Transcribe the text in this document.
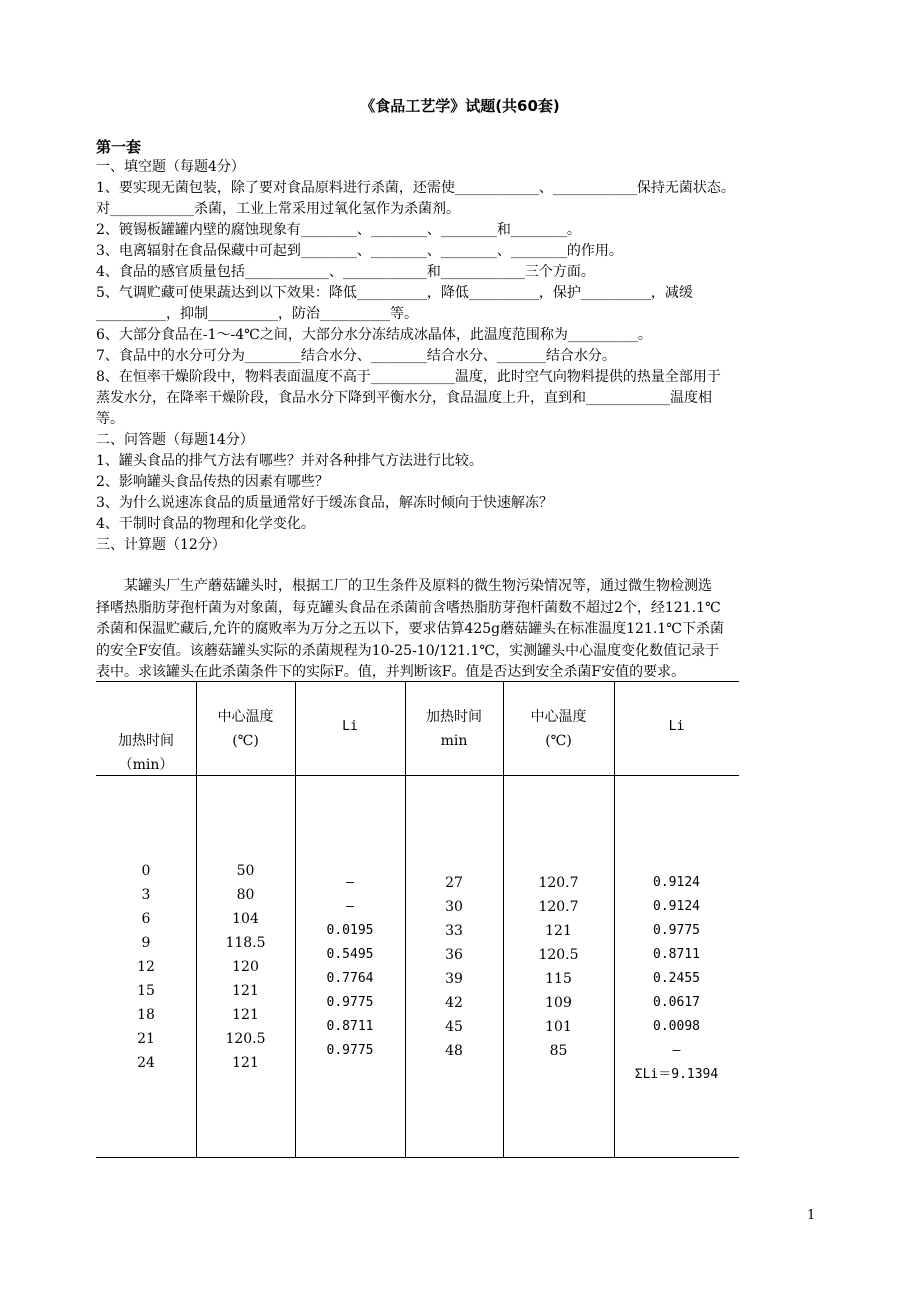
《食品工艺学》试题(共60套)
第一套
一、填空题（每题4分）
1、要实现无菌包装，除了要对食品原料进行杀菌，还需使____________、____________保持无菌状态。
对____________杀菌，工业上常采用过氧化氢作为杀菌剂。
2、镀锡板罐罐内壁的腐蚀现象有________、________、________和________。
3、电离辐射在食品保藏中可起到________、________、________、________的作用。
4、食品的感官质量包括____________、____________和____________三个方面。
5、气调贮藏可使果蔬达到以下效果：降低__________，降低__________，保护__________，减缓
__________，抑制__________，防治__________等。
6、大部分食品在-1～-4℃之间，大部分水分冻结成冰晶体，此温度范围称为__________。
7、食品中的水分可分为________结合水分、________结合水分、_______结合水分。
8、在恒率干燥阶段中，物料表面温度不高于____________温度，此时空气向物料提供的热量全部用于
蒸发水分，在降率干燥阶段，食品水分下降到平衡水分，食品温度上升，直到和____________温度相
等。
二、问答题（每题14分）
1、罐头食品的排气方法有哪些？并对各种排气方法进行比较。
2、影响罐头食品传热的因素有哪些？
3、为什么说速冻食品的质量通常好于缓冻食品，解冻时倾向于快速解冻？
4、干制时食品的物理和化学变化。
三、计算题（12分）
某罐头厂生产蘑菇罐头时，根据工厂的卫生条件及原料的微生物污染情况等，通过微生物检测选
择嗜热脂肪芽孢杆菌为对象菌，每克罐头食品在杀菌前含嗜热脂肪芽孢杆菌数不超过2个，经121.1℃
杀菌和保温贮藏后,允许的腐败率为万分之五以下，要求估算425g蘑菇罐头在标准温度121.1℃下杀菌
的安全F安值。该蘑菇罐头实际的杀菌规程为10-25-10/121.1℃，实测罐头中心温度变化数值记录于
表中。求该罐头在此杀菌条件下的实际F。值，并判断该F。值是否达到安全杀菌F安值的要求。
加热时间
（min）
中心温度
(℃)
Li
加热时间
min
中心温度
(℃)
Li
0
3
6
9
12
15
18
21
24
50
80
104
118.5
120
121
121
120.5
121
—
—
0.0195
0.5495
0.7764
0.9775
0.8711
0.9775
27
30
33
36
39
42
45
48
120.7
120.7
121
120.5
115
109
101
85
0.9124
0.9124
0.9775
0.8711
0.2455
0.0617
0.0098
—
ΣLi＝9.1394
1
